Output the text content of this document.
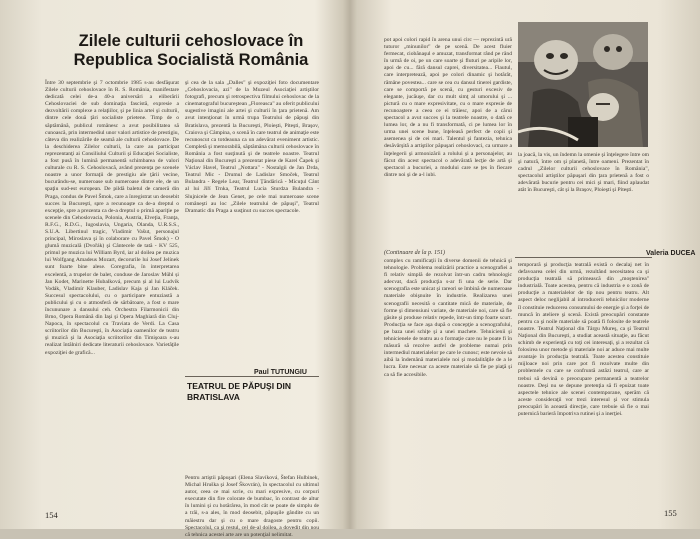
Zilele culturii cehoslovace în Republica Socialistă România
Între 30 septembrie şi 7 octombrie 1985 s-au desfăşurat Zilele culturii cehoslovace în R. S. România, manifestare dedicată celei de-a 40-a aniversări a eliberării Cehoslovaciei de sub dominaţia fascistă, expresie a dezvoltării complexe a relaţiilor, şi pe linia artei şi culturii, dintre cele două ţări socialiste prietene. Timp de o săptămână, publicul românesc a avut posibilitatea să cunoască, prin intermediul unor valori artistice de prestigiu, câteva din realizările de seamă ale culturii cehoslovace. De la deschiderea Zilelor culturii, la care au participat reprezentanţi ai Consiliului Culturii şi Educaţiei Socialiste, a fost pusă în lumină permanentă schimbarea de valori culturale cu R. S. Cehoslovacă, având prezenţa pe scenele noastre a unor formaţii de prestigiu ale ţării vecine, bucurându-se, numeroase sub numeroase dintre ele, de un spaţiu sud-est european. De pildă baletul de cameră din Praga, condus de Pavel Šmok, care a înregistrat un deosebit succes la Bucureşti, spre a recunoaşte ca de-a dreptul o excepţie, spre a prezenta ca de-a dreptul o primă apariţie pe scenele din Cehoslovacia, Polonia, Austria, Elveţia, Franţa, R.F.G., R.D.G., Iugoslavia, Ungaria, Olanda, U.R.S.S., S.U.A. Libertinul tragic, Vladimir Vašut, personajul principal, Miroslava şi în colaborare cu Pavel Šmok) - O glumă muzicală (Dvořák) şi Cântecele de tată - KV 525, primul pe muzica lui William Byrd, iar al doilea pe muzica lui Wolfgang Amadeus Mozart, decorurile lui Josef Jelínek sunt foarte bine alese. Coregrafia, în interpretarea excelentă, a trupelor de balet, conduse de Jaroslav Mühl și Jan Kodet, Marinette Hubalková, precum și al lui Ludvík Vodák, Vladimír Klauber, Ladislav Kaja şi Jan Kláček. Succesul spectacolului, cu o participare entuziastă a publicului şi cu o atmosferă de sărbătoare, a fost o mare încununare a dansului ceh. Orchestra Filarmonicii din Brno, Opera Română din Iaşi şi Opera Maghiară din Cluj-Napoca, în spectacolul cu Traviata de Verdi. La Casa scriitorilor din Bucureşti, în Asociaţia oamenilor de teatru şi muzică şi la Asociaţia scriitorilor din Timişoara s-au realizat întâlniri dedicate literaturii cehoslovace. Varietăţile expoziţiei de grafică...
şi cea de la sala „Dalles" şi expoziţiei foto documentare „Cehoslovacia, azi" de la Muzeul Asociaţiei artiştilor fotografi, precum şi retrospectiva filmului cehoslovac de la cinematograful bucureştean „Floreasca" au oferit publicului sugestive imagini ale artei şi culturii în ţara prietenă. Am avut intenţionat în urmă trupa Teatrului de păpuşi din Bratislava, prezentă la Bucureşti, Ploieşti, Piteşti, Braşov, Craiova şi Câmpina, o scenă în care teatrul de animaţie este recunoscut ca totdeauna ca un adevărat eveniment artistic. Completă şi memorabilă, săptămâna culturii cehoslovace în România a fost susţinută şi de teatrele noastre. Teatrul Naţional din Bucureşti a prezentat piese de Karel Čapek şi Václav Havel, Teatrul „Nottara" - Nostalgii de Jan Drda, Teatrul Mic - Drumul de Ladislav Smoček, Teatrul Bulandra - Regele Lear, Teatrul Ţăndărică - Micuţul Cânt al lui Jiří Trnka, Teatrul Lucia Sturdza Bulandra - Slujnicele de Jean Genet, pe cele mai numeroase scene româneşti au loc „Zilele teatrului de păpuşi", Teatrul Dramatic din Praga a susţinut cu succes spectacole.
Paul TUTUNGIU
TEATRUL DE PĂPUŞI DIN BRATISLAVA
Pentru artiştii păpuşari (Elena Slavíková, Štefan Hulbinek, Michal Hruška şi Josef Škovrán), în spectacolul cu ultimul autor, ceea ce mai scrie, cu mari expresive, cu corpuri executate din fire colorate de bumbac, în contrast de altur în lumini şi cu hotărârea, în mod cât se poate de simplu de a trăi, s-a ales, în mod deosebit, păpuşile gândite cu un măiestru dar şi cu o mare dragoste pentru copii. Spectacolul, ca şi restul, cel de-al doilea, a dovedit din nou că tehnica acestei arte are un potenţial nelimitat.
154
pot apoi colori rapid în arena unui circ — reprezintă ură tuturor „minunilor" de pe scenă. De acest fluier fermecat, ciobănaşul e amuzat, transformat rând pe rând în urmă de oi, pe un care soarte şi fluturi pe aripile lor, apoi de cu... fără dansul caprei, diversitatea... Flautul, care interpretează, apoi pe colori dinamic şi hotărât, rămâne povestea... care se cea cu dansul tinerei gardiste, care se comportă pe scenă, cu gesturi excesiv de elegante, jucăuşe, dar cu mult simţ al umorului şi ... pictură cu o mare expresivitate, cu o mare expresie de recunoaştere a ceea ce ei trăiesc, apoi de a cărui spectacol a avut succes şi la teatrele noastre, o dată ce lumea lor, de a nu fi transformată, ci pe lumea lor în urma unei scene bune, înţeleasă perfect de copii şi asemenea şi de cei mari. Talentul şi fantezia, tehnica desăvârşită a artiştilor păpuşari cehoslovaci, ca urmare a înţelegerii şi armonizării a rolului şi a personajelor, au făcut din acest spectacol o adevărată lecţie de artă şi spectacol a bucuriei, a modului care se ţes în fiecare dintre noi şi de a-l iubi.
(Continuare de la p. 151)
complex cu ramificaţii în diverse domenii de tehnică şi tehnologie. Problema realizării practice a scenografiei a fi relativ simplă de rezolvat într-un cadru tehnologic adecvat, dacă producţia s-ar fi una de serie. Dar scenografia este unicat şi rareori se îmbină de numeroase materiale obişnuite în industrie. Realizarea unei scenografii necesită o cantitate mică de materiale, de forme şi dimensiuni variate, de materiale noi, care să fie găsite şi produse relativ repede, într-un timp foarte scurt. Producţia se face aşa după o concepţie a scenografului, pe baza unei schiţe şi a unei machete. Tehnicienii şi tehnicienele de teatru au o formaţie care nu le poate fi în măsură să rezolve astfel de probleme numai prin intermediul materialelor pe care le cunosc; este nevoie să aibă la îndemână materialele noi şi modalităţile de a le lucra. Este necesar ca aceste materiale să fie pe piaţă şi ca să fie accesibile.
la joacă, la vis, un îndemn la omenie şi înţelegere între om şi natură, între om şi planetă, între oameni. Prezentat în cadrul „Zilelor culturii cehoslovace în România", spectacolul artiştilor păpuşari din ţara prietenă a fost o adevărată bucurie pentru cei mici şi mari, fiind aplaudat atât în Bucureşti, cât şi la Braşov, Ploieşti şi Piteşti.
Valeria DUCEA
temporară şi producţia teatrală există o decalaj net în defavoarea celei din urmă, rezultând necesitatea ca şi producţia teatrală să primească din „moştenirea" industrială. Toate acestea, pentru că industria e o zonă de producţie a materialelor de tip nou pentru teatru. Alt aspect deloc neglijabil al introducerii tehnicilor moderne îl constituie reducerea consumului de energie şi a forţei de muncă în ateliere şi scenă. Există preocupări constante pentru ca şi noile materiale să poată fi folosite de teatrele noastre. Teatrul Naţional din Târgu Mureş, ca şi Teatrul Naţional din Bucureşti, a studiat această situaţie, au făcut schimb de experienţă cu toţi cei interesaţi, şi a rezultat că folosirea unor metode şi materiale noi ar aduce mai multe avantaje în producţia teatrală. Toate acestea constituie mijloace noi prin care pot fi rezolvate multe din problemele cu care se confruntă astăzi teatrul, care ar trebui să devină o preocupare permanentă a teatrelor noastre. Deşi nu se depune pretenţia să fi epuizat toate aspectele tehnice ale scenei contemporane, sperăm că aceste consideraţii vor trezi interesul şi vor stimula preocupări în această direcţie, care trebuie să fie o mai puternică barieră împotriva rutinei şi a inerţiei.
155
